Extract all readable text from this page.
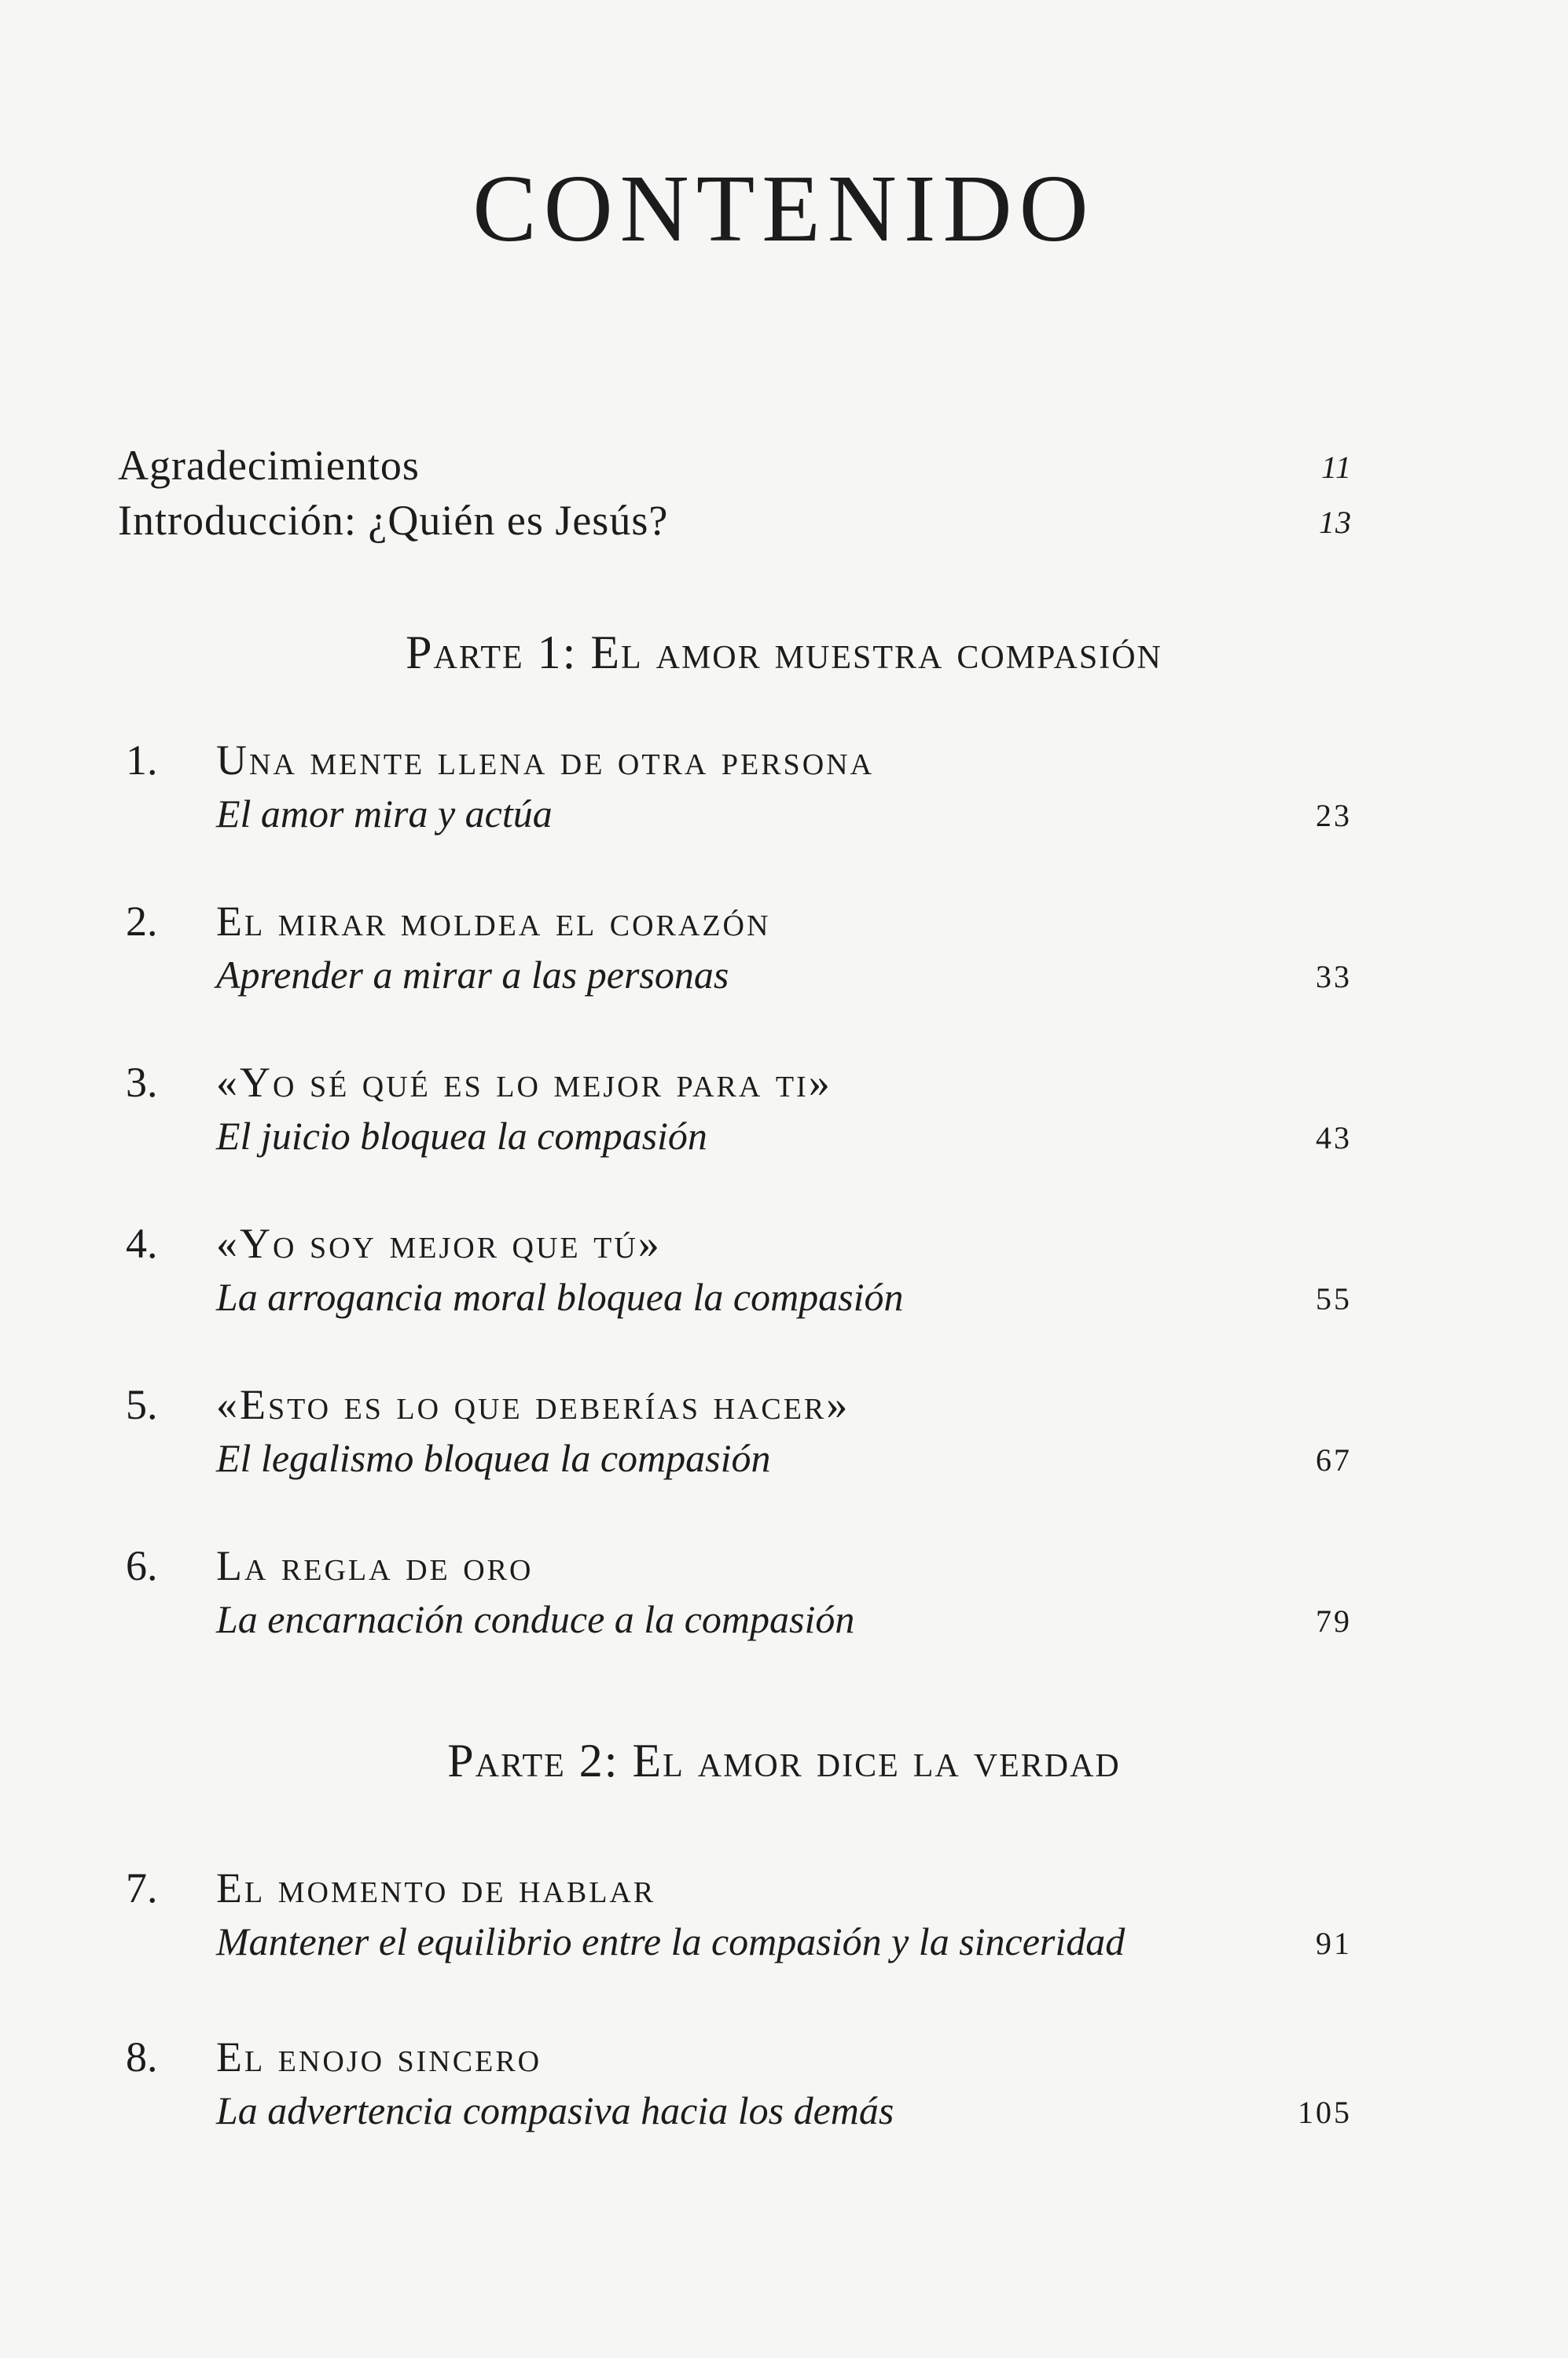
CONTENIDO
Agradecimientos	11
Introducción: ¿Quién es Jesús?	13
Parte 1: El amor muestra compasión
1. Una mente llena de otra persona
El amor mira y actúa	23
2. El mirar moldea el corazón
Aprender a mirar a las personas	33
3. «Yo sé qué es lo mejor para ti»
El juicio bloquea la compasión	43
4. «Yo soy mejor que tú»
La arrogancia moral bloquea la compasión	55
5. «Esto es lo que deberías hacer»
El legalismo bloquea la compasión	67
6. La regla de oro
La encarnación conduce a la compasión	79
Parte 2: El amor dice la verdad
7. El momento de hablar
Mantener el equilibrio entre la compasión y la sinceridad	91
8. El enojo sincero
La advertencia compasiva hacia los demás	105
